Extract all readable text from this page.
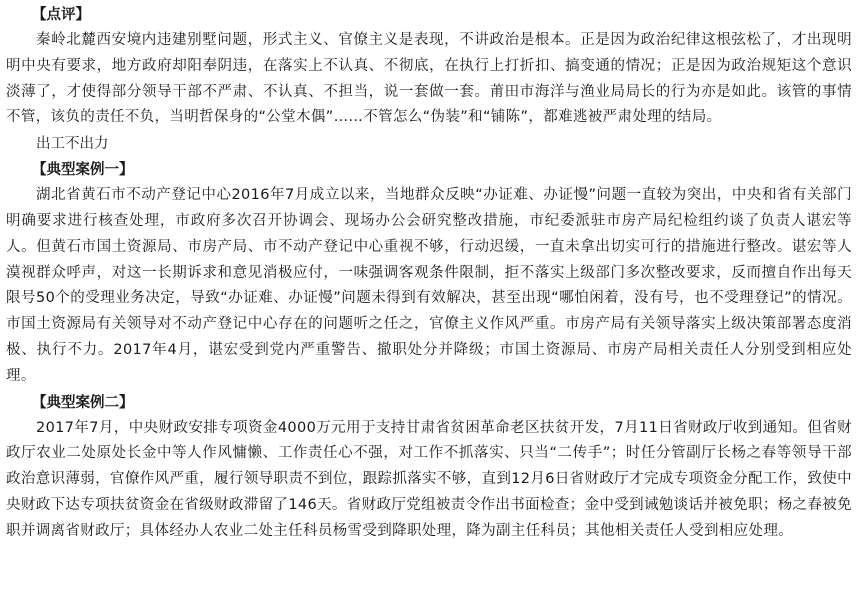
【点评】

秦岭北麓西安境内违建别墅问题，形式主义、官僚主义是表现，不讲政治是根本。正是因为政治纪律这根弦松了，才出现明明中央有要求，地方政府却阳奉阴违，在落实上不认真、不彻底，在执行上打折扣、搞变通的情况；正是因为政治规矩这个意识淡薄了，才使得部分领导干部不严肃、不认真、不担当，说一套做一套。莆田市海洋与渔业局局长的行为亦是如此。该管的事情不管，该负的责任不负，当明哲保身的“公堂木偶”……不管怎么“伪装”和“铺陈”，都难逃被严肃处理的结局。

出工不出力

【典型案例一】

湖北省黄石市不动产登记中心2016年7月成立以来，当地群众反映“办证难、办证慢”问题一直较为突出，中央和省有关部门明确要求进行核查处理，市政府多次召开协调会、现场办公会研究整改措施，市纪委派驻市房产局纪检组约谈了负责人谌宏等人。但黄石市国土资源局、市房产局、市不动产登记中心重视不够，行动迟缓，一直未拿出切实可行的措施进行整改。谌宏等人漠视群众呼声，对这一长期诉求和意见消极应付，一味强调客观条件限制，拒不落实上级部门多次整改要求，反而擅自作出每天限号50个的受理业务决定，导致“办证难、办证慢”问题未得到有效解决，甚至出现“哪怕闲着，没有号，也不受理登记”的情况。市国土资源局有关领导对不动产登记中心存在的问题听之任之，官僚主义作风严重。市房产局有关领导落实上级决策部署态度消极、执行不力。2017年4月，谌宏受到党内严重警告、撤职处分并降级；市国土资源局、市房产局相关责任人分别受到相应处理。

【典型案例二】

2017年7月，中央财政安排专项资金4000万元用于支持甘肃省贫困革命老区扶贫开发，7月11日省财政厅收到通知。但省财政厅农业二处原处长金中等人作风慵懒、工作责任心不强，对工作不抓落实、只当“二传手”；时任分管副厅长杨之春等领导干部政治意识薄弱，官僚作风严重，履行领导职责不到位，跟踪抓落实不够，直到12月6日省财政厅才完成专项资金分配工作，致使中央财政下达专项扶贫资金在省级财政滞留了146天。省财政厅党组被责令作出书面检查；金中受到诫勉谈话并被免职；杨之春被免职并调离省财政厅；具体经办人农业二处主任科员杨雪受到降职处理，降为副主任科员；其他相关责任人受到相应处理。
